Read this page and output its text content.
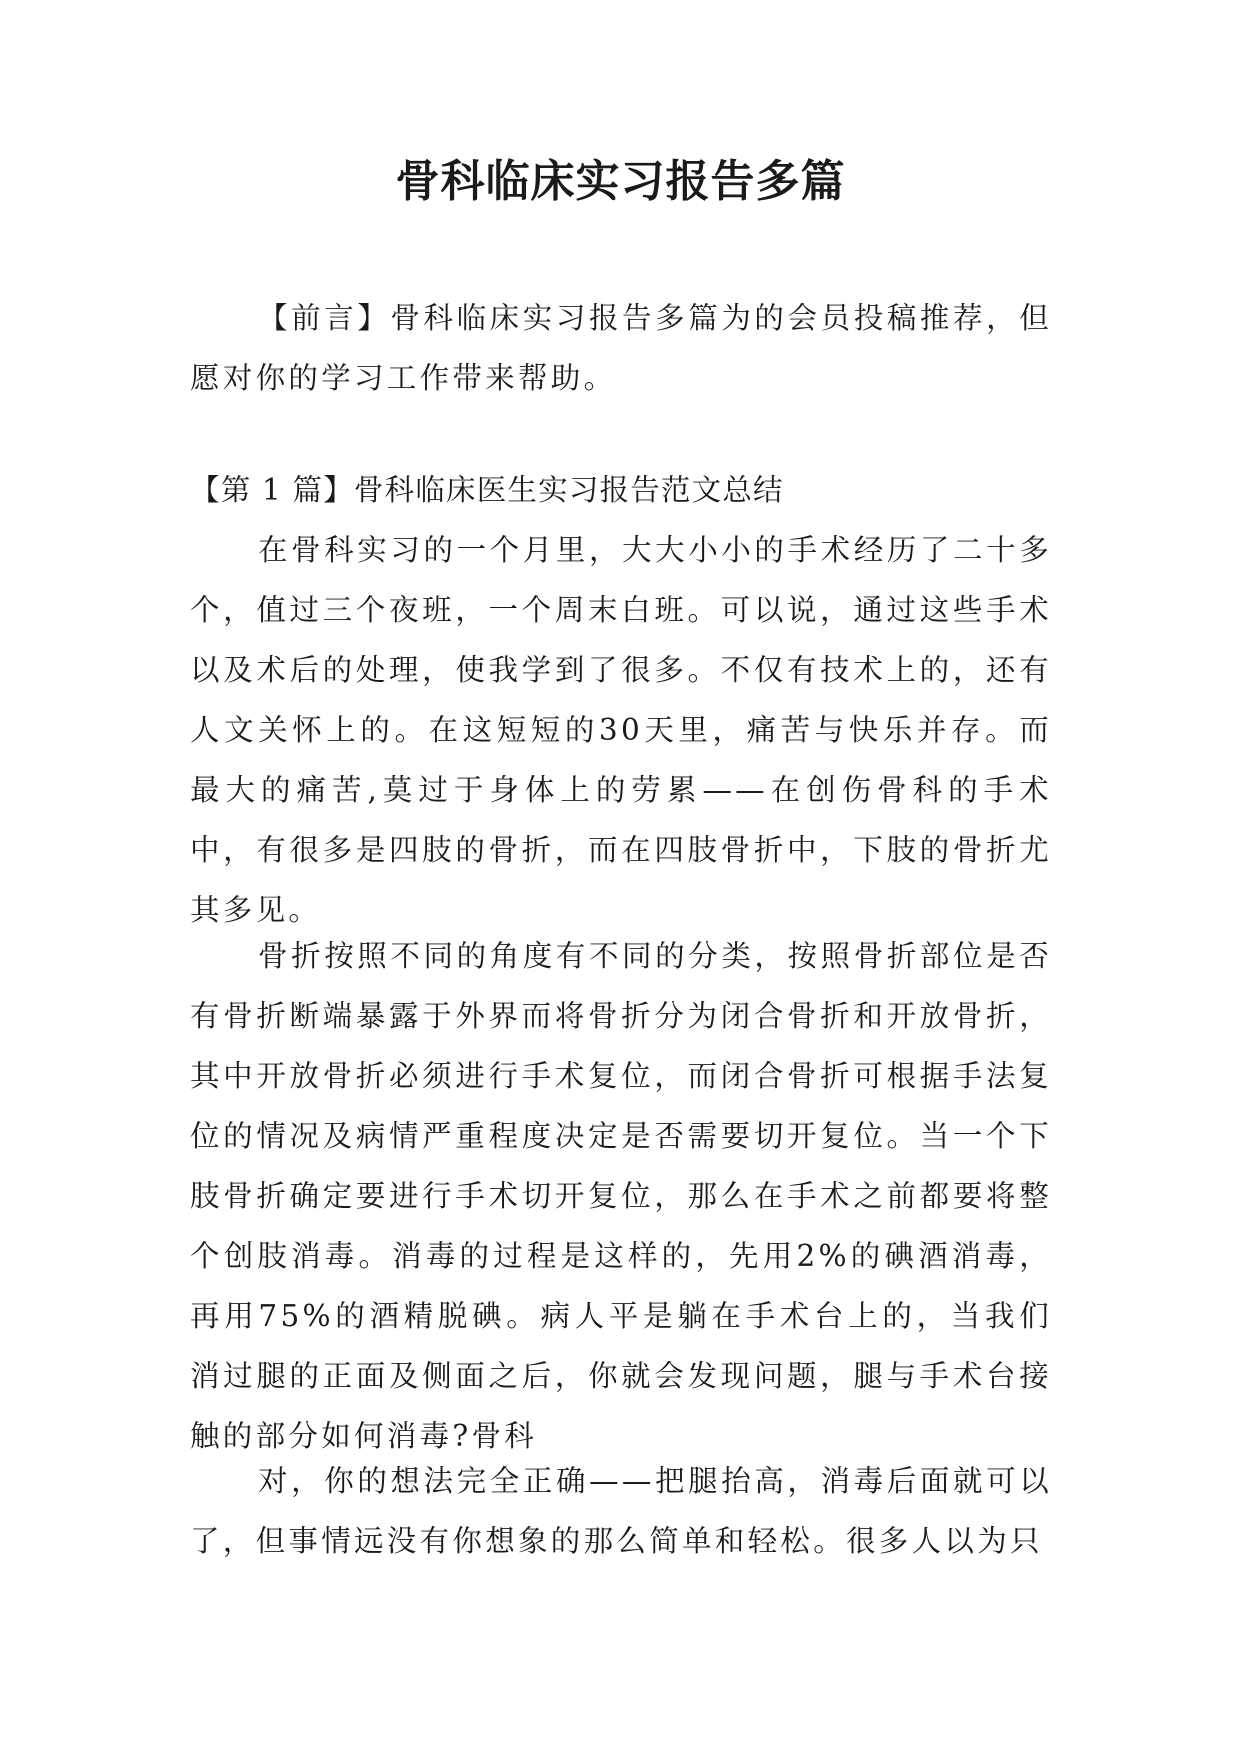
骨科临床实习报告多篇

【前言】骨科临床实习报告多篇为的会员投稿推荐，但愿对你的学习工作带来帮助。

【第 1 篇】骨科临床医生实习报告范文总结

在骨科实习的一个月里，大大小小的手术经历了二十多个，值过三个夜班，一个周末白班。可以说，通过这些手术以及术后的处理，使我学到了很多。不仅有技术上的，还有人文关怀上的。在这短短的30天里，痛苦与快乐并存。而最大的痛苦,莫过于身体上的劳累——在创伤骨科的手术中，有很多是四肢的骨折，而在四肢骨折中，下肢的骨折尤其多见。

骨折按照不同的角度有不同的分类，按照骨折部位是否有骨折断端暴露于外界而将骨折分为闭合骨折和开放骨折，其中开放骨折必须进行手术复位，而闭合骨折可根据手法复位的情况及病情严重程度决定是否需要切开复位。当一个下肢骨折确定要进行手术切开复位，那么在手术之前都要将整个创肢消毒。消毒的过程是这样的，先用2%的碘酒消毒，再用75%的酒精脱碘。病人平是躺在手术台上的，当我们消过腿的正面及侧面之后，你就会发现问题，腿与手术台接触的部分如何消毒?骨科

对，你的想法完全正确——把腿抬高，消毒后面就可以了，但事情远没有你想象的那么简单和轻松。很多人以为只
